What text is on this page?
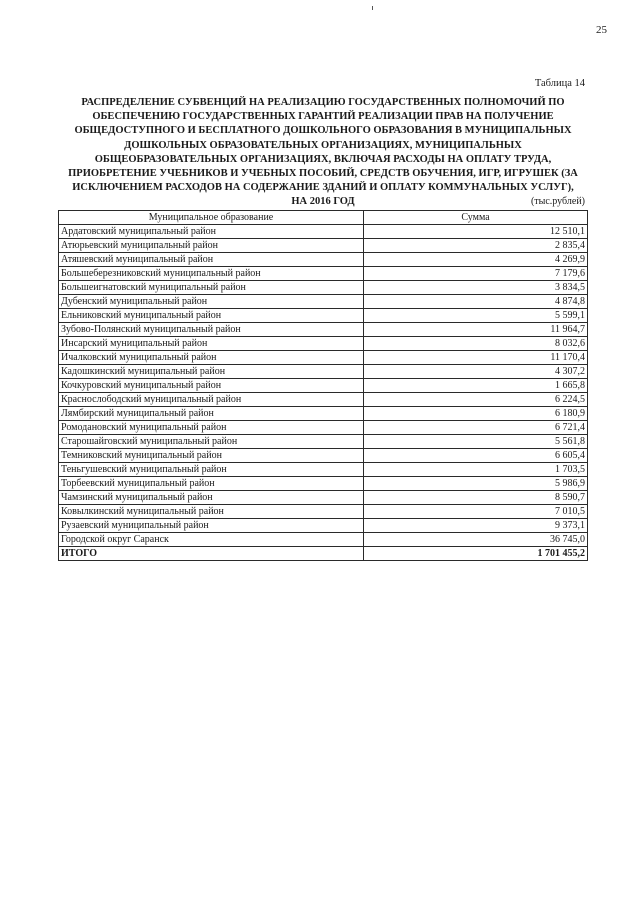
25
Таблица 14
РАСПРЕДЕЛЕНИЕ СУБВЕНЦИЙ НА РЕАЛИЗАЦИЮ ГОСУДАРСТВЕННЫХ ПОЛНОМОЧИЙ ПО
ОБЕСПЕЧЕНИЮ ГОСУДАРСТВЕННЫХ ГАРАНТИЙ РЕАЛИЗАЦИИ ПРАВ НА ПОЛУЧЕНИЕ
ОБЩЕДОСТУПНОГО И БЕСПЛАТНОГО ДОШКОЛЬНОГО ОБРАЗОВАНИЯ В МУНИЦИПАЛЬНЫХ
ДОШКОЛЬНЫХ ОБРАЗОВАТЕЛЬНЫХ ОРГАНИЗАЦИЯХ, МУНИЦИПАЛЬНЫХ
ОБЩЕОБРАЗОВАТЕЛЬНЫХ ОРГАНИЗАЦИЯХ, ВКЛЮЧАЯ РАСХОДЫ НА ОПЛАТУ ТРУДА,
ПРИОБРЕТЕНИЕ УЧЕБНИКОВ И УЧЕБНЫХ ПОСОБИЙ, СРЕДСТВ ОБУЧЕНИЯ, ИГР, ИГРУШЕК (ЗА
ИСКЛЮЧЕНИЕМ РАСХОДОВ НА СОДЕРЖАНИЕ ЗДАНИЙ И ОПЛАТУ КОММУНАЛЬНЫХ УСЛУГ),
НА 2016 ГОД	(тыс.рублей)
Муниципальное образование	Сумма
Ардатовский муниципальный район	12 510,1
Атюрьевский муниципальный район	2 835,4
Атяшевский муниципальный район	4 269,9
Большеберезниковский муниципальный район	7 179,6
Большеигнатовский муниципальный район	3 834,5
Дубенский муниципальный район	4 874,8
Ельниковский муниципальный район	5 599,1
Зубово-Полянский муниципальный район	11 964,7
Инсарский муниципальный район	8 032,6
Ичалковский муниципальный район	11 170,4
Кадошкинский муниципальный район	4 307,2
Кочкуровский муниципальный район	1 665,8
Краснослободский муниципальный район	6 224,5
Лямбирский муниципальный район	6 180,9
Ромодановский муниципальный район	6 721,4
Старошайговский муниципальный район	5 561,8
Темниковский муниципальный район	6 605,4
Теньгушевский муниципальный район	1 703,5
Торбеевский муниципальный район	5 986,9
Чамзинский муниципальный район	8 590,7
Ковылкинский муниципальный район	7 010,5
Рузаевский муниципальный район	9 373,1
Городской округ Саранск	36 745,0
ИТОГО	1 701 455,2
